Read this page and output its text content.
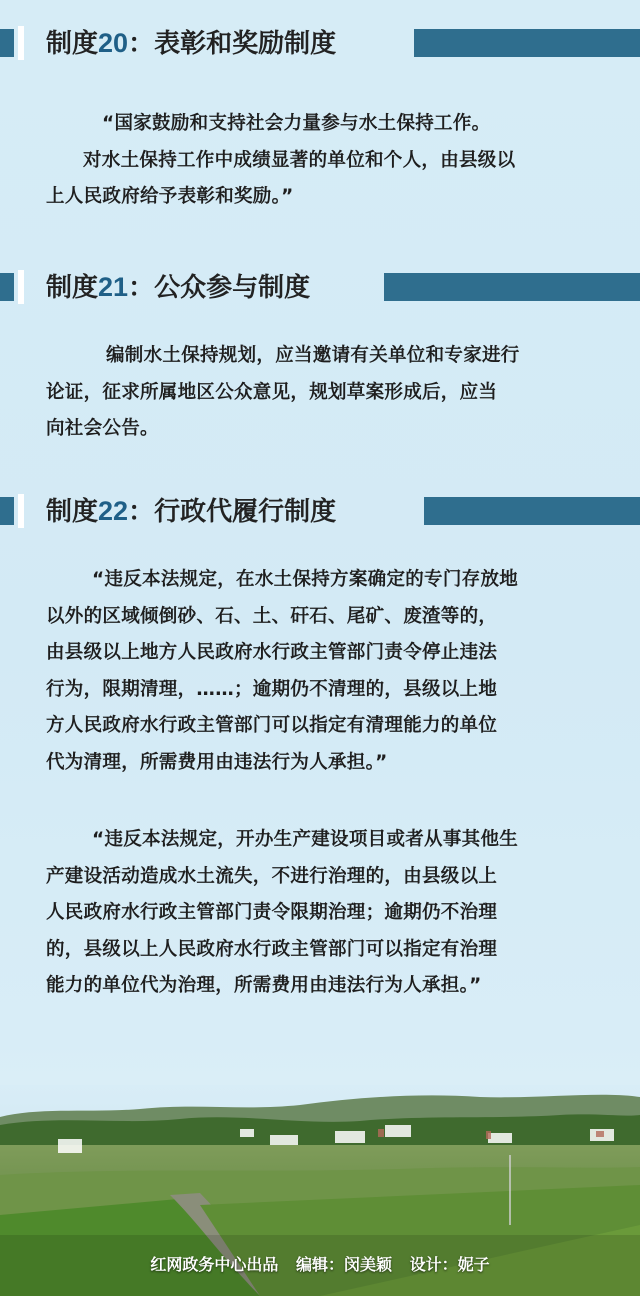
制度20：表彰和奖励制度
“国家鼓励和支持社会力量参与水土保持工作。
对水土保持工作中成绩显著的单位和个人，由县级以
上人民政府给予表彰和奖励。”
制度21：公众参与制度
编制水土保持规划，应当邀请有关单位和专家进行
论证，征求所属地区公众意见，规划草案形成后，应当
向社会公告。
制度22：行政代履行制度
“违反本法规定，在水土保持方案确定的专门存放地
以外的区域倾倒砂、石、土、矸石、尾矿、废渣等的，
由县级以上地方人民政府水行政主管部门责令停止违法
行为，限期清理，……；逾期仍不清理的，县级以上地
方人民政府水行政主管部门可以指定有清理能力的单位
代为清理，所需费用由违法行为人承担。”
“违反本法规定，开办生产建设项目或者从事其他生
产建设活动造成水土流失，不进行治理的，由县级以上
人民政府水行政主管部门责令限期治理；逾期仍不治理
的，县级以上人民政府水行政主管部门可以指定有治理
能力的单位代为治理，所需费用由违法行为人承担。”
红网政务中心出品 编辑：闵美颖 设计：妮子
